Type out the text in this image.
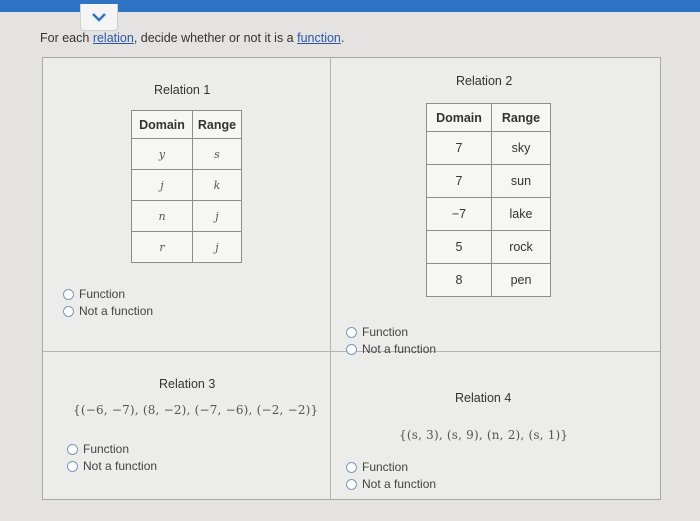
For each relation, decide whether or not it is a function.
Relation 1
Domain	Range
y	s
j	k
n	j
r	j
Function
Not a function
Relation 2
Domain	Range
7	sky
7	sun
−7	lake
5	rock
8	pen
Function
Not a function
Relation 3
{(−6, −7), (8, −2), (−7, −6), (−2, −2)}
Function
Not a function
Relation 4
{(s, 3), (s, 9), (n, 2), (s, 1)}
Function
Not a function
